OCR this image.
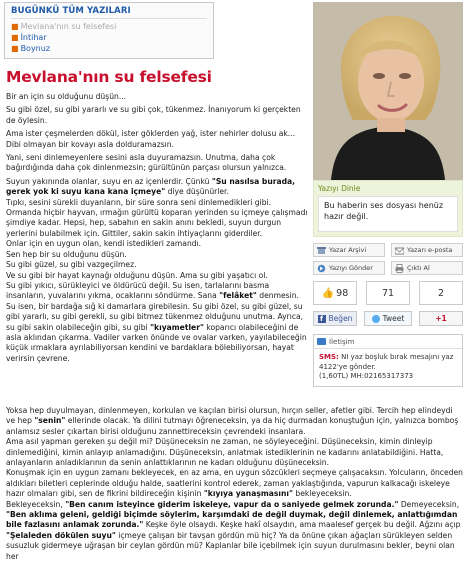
BUGÜNKÜ TÜM YAZILARI
■ Mevlana'nın su felsefesi
■ İntihar
■ Boynuz
Mevlana'nın su felsefesi

Bir an için su olduğunu düşün...

Su gibi özel, su gibi yararlı ve su gibi çok, tükenmez. İnanıyorum ki gerçekten de öylesin.

Ama ister çeşmelerden dökül, ister göklerden yağ, ister nehirler dolusu ak... Dibi olmayan bir kovayı asla dolduramazsın.

Yani, seni dinlemeyenlere sesini asla duyuramazsın. Unutma, daha çok bağırdığında daha çok dinlenmezsin; gürültünün parçası olursun yalnızca.

Suyun yakınında olanlar, suyu en az içenlerdir. Çünkü "Su nasılsa burada, gerek yok ki suyu kana kana içmeye" diye düşünürler.

Tıpkı, sesini sürekli duyanların, bir süre sonra seni dinlemedikleri gibi.

Ormanda hiçbir hayvan, ırmağın gürültü koparan yerinden su içmeye çalışmadı şimdiye kadar. Hepsi, hep, sabahın en sakin anını bekledi, suyun durgun yerlerini bulabilmek için. Gittiler, sakin sakin ihtiyaçlarını giderdiler.

Onlar için en uygun olan, kendi istedikleri zamandı.

Sen hep bir su olduğunu düşün.

Su gibi güzel, su gibi vazgeçilmez.

Ve su gibi bir hayat kaynağı olduğunu düşün. Ama su gibi yaşatıcı ol.

Su gibi yıkıcı, sürükleyici ve öldürücü değil. Su isen, tarlalarını basma insanların, yuvalarını yıkma, ocaklarını söndürme. Sana "felâket" denmesin.

Su isen, bir bardağa sığ ki damarlara girebilesin. Su gibi özel, su gibi güzel, su gibi yararlı, su gibi gerekli, su gibi bitmez tükenmez olduğunu unutma. Ayrıca, su gibi sakin olabileceğin gibi, su gibi "kıyametler" koparıcı olabileceğini de asla aklından çıkarma. Vadiler varken önünde ve ovalar varken, yayılabileceğin küçük ırmaklara ayrılabiliyorsan kendini ve bardaklara bölebiliyorsan, hayat verirsin çevrene.

Yazıyı Dinle
Bu haberin ses dosyası henüz hazır değil.
Yazar Arşivi	Yazarı e-posta
Yazıyı Gönder	Çıktı Al
👍 98	71	2
f Beğen	Tweet	+1
İletişim
SMS: NI yaz boşluk bırak mesajını yaz 4122'ye gönder.
(1,60TL) MH:02165317373

Yoksa hep duyulmayan, dinlenmeyen, korkulan ve kaçılan birisi olursun, hırçın seller, afetler gibi. Tercih hep elindeydi ve hep "senin" ellerinde olacak. Ya dilini tutmayı öğreneceksin, ya da hiç durmadan konuştuğun için, yalnızca bomboş anlamsız sesler çıkartan birisi olduğunu zannettireceksin çevrendeki insanlara.

Ama asıl yapman gereken şu değil mi? Düşüneceksin ne zaman, ne söyleyeceğini. Düşüneceksin, kimin dinleyip dinlemediğini, kimin anlayıp anlamadığını. Düşüneceksin, anlatmak istediklerinin ne kadarını anlatabildiğini. Hatta, anlayanların anladıklarının da senin anlattıklarının ne kadarı olduğunu düşüneceksin.

Konuşmak için en uygun zamanı bekleyecek, en az ama, en uygun sözcükleri seçmeye çalışacaksın. Yolcuların, önceden aldıkları biletleri ceplerinde olduğu halde, saatlerini kontrol ederek, zaman yaklaştığında, vapurun kalkacağı iskeleye hazır olmaları gibi, sen de fikrini bildireceğin kişinin "kıyıya yanaşmasını" bekleyeceksin.

Bekleyeceksin, "Ben canım isteyince giderim iskeleye, vapur da o saniyede gelmek zorunda." Demeyeceksin, "Ben aklıma geleni, geldiği biçimde söylerim, karşımdaki de değil duymak, değil dinlemek, anlattığımdan bile fazlasını anlamak zorunda." Keşke öyle olsaydı. Keşke hakî olsaydın, ama maalesef gerçek bu değil. Ağzını açıp "Şelaleden dökülen suyu" içmeye çalışan bir tavşan gördün mü hiç? Ya da önüne çıkan ağaçları sürükleyen selden susuzluk gidermeye uğraşan bir ceylan gördün mü? Kaplanlar bile içebilmek için suyun durulmasını bekler, beyni olan her
